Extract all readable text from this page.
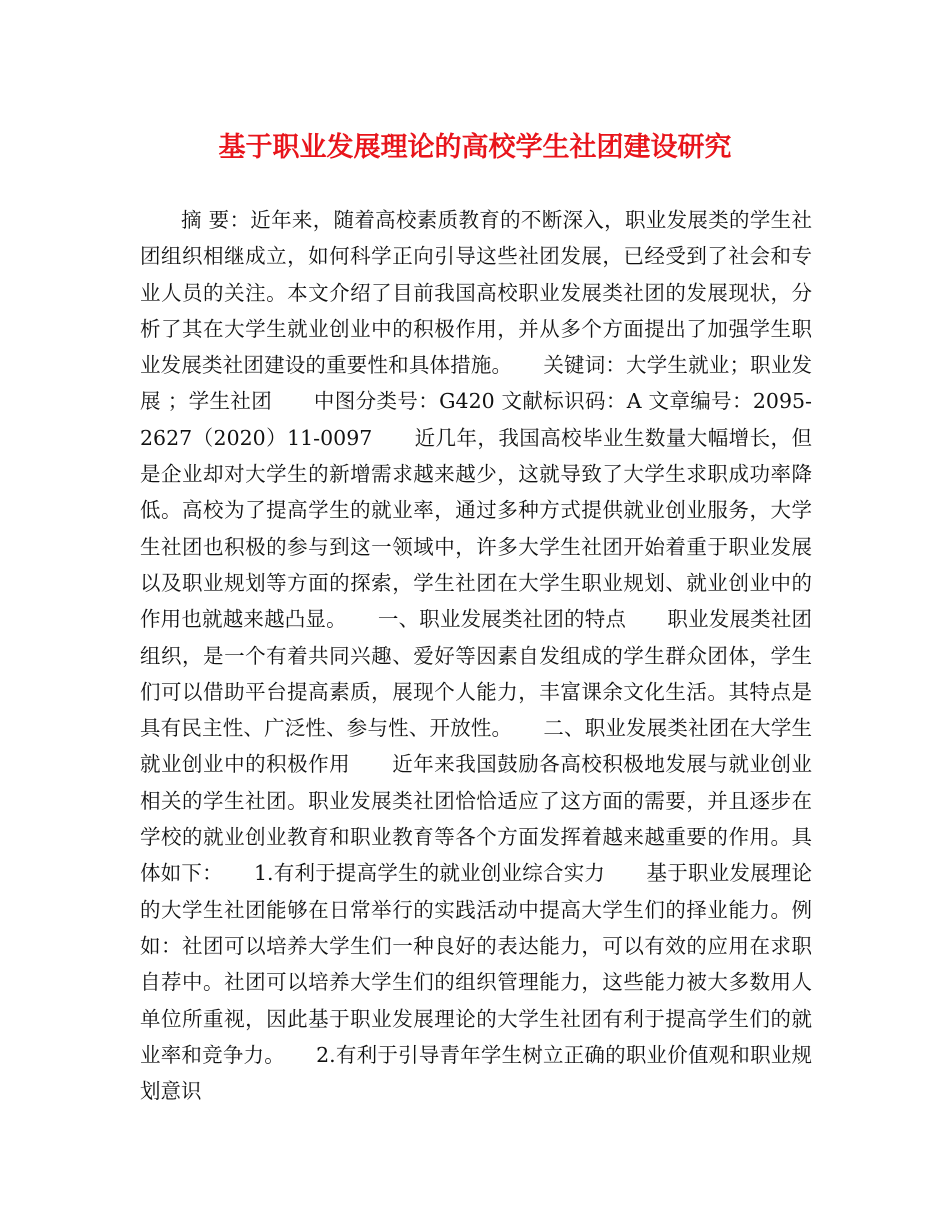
基于职业发展理论的高校学生社团建设研究

摘 要：近年来，随着高校素质教育的不断深入，职业发展类的学生社团组织相继成立，如何科学正向引导这些社团发展，已经受到了社会和专业人员的关注。本文介绍了目前我国高校职业发展类社团的发展现状，分析了其在大学生就业创业中的积极作用，并从多个方面提出了加强学生职业发展类社团建设的重要性和具体措施。　　关键词：大学生就业；职业发展 ；学生社团　　中图分类号：G420 文献标识码：A 文章编号：2095-2627（2020）11-0097　　近几年，我国高校毕业生数量大幅增长，但是企业却对大学生的新增需求越来越少，这就导致了大学生求职成功率降低。高校为了提高学生的就业率，通过多种方式提供就业创业服务，大学生社团也积极的参与到这一领域中，许多大学生社团开始着重于职业发展以及职业规划等方面的探索，学生社团在大学生职业规划、就业创业中的作用也就越来越凸显。　　一、职业发展类社团的特点　　职业发展类社团组织，是一个有着共同兴趣、爱好等因素自发组成的学生群众团体，学生们可以借助平台提高素质，展现个人能力，丰富课余文化生活。其特点是具有民主性、广泛性、参与性、开放性。　　二、职业发展类社团在大学生就业创业中的积极作用　　近年来我国鼓励各高校积极地发展与就业创业相关的学生社团。职业发展类社团恰恰适应了这方面的需要，并且逐步在学校的就业创业教育和职业教育等各个方面发挥着越来越重要的作用。具体如下：　　1.有利于提高学生的就业创业综合实力　　基于职业发展理论的大学生社团能够在日常举行的实践活动中提高大学生们的择业能力。例如：社团可以培养大学生们一种良好的表达能力，可以有效的应用在求职自荐中。社团可以培养大学生们的组织管理能力，这些能力被大多数用人单位所重视，因此基于职业发展理论的大学生社团有利于提高学生们的就业率和竞争力。　　2.有利于引导青年学生树立正确的职业价值观和职业规划意识
